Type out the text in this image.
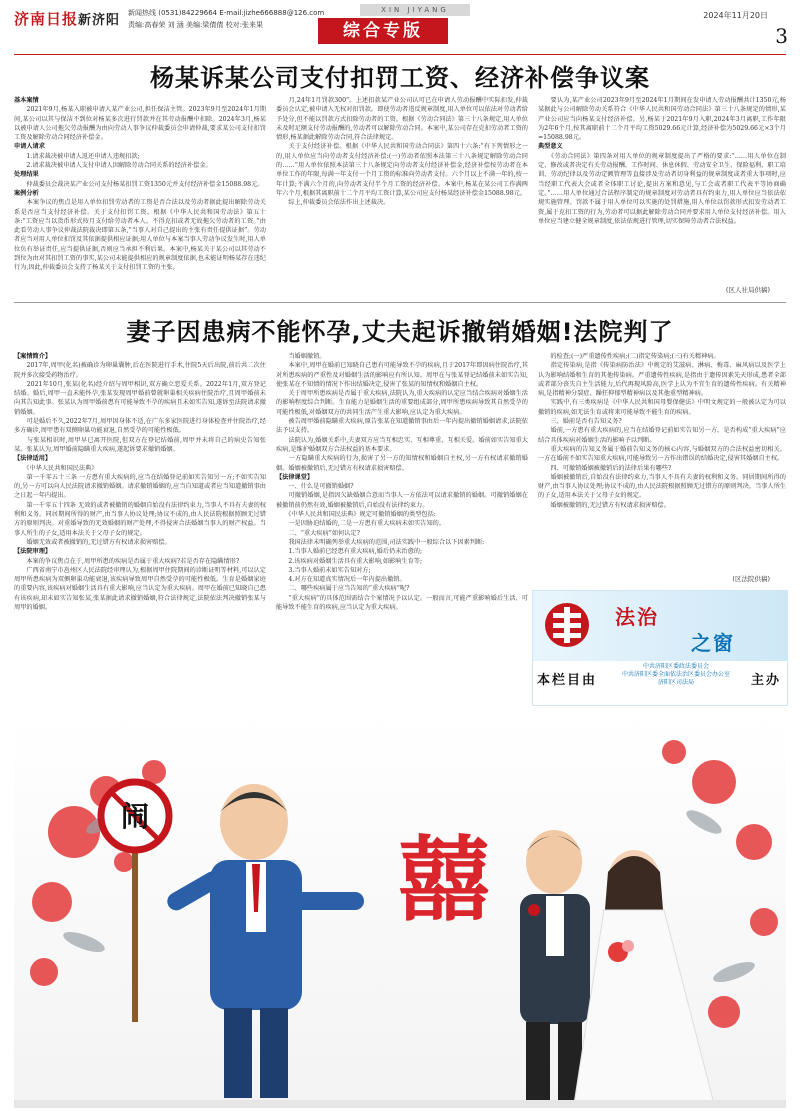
济南日报新济阳 新闻热线 (0531)84229664 E-mail:jizhe666888@126.com
责编:高春荣 刘 涵 美编:梁倩倩 校对:张来果
XIN JIYANG
综合专版
2024年11月20日
3
杨某诉某公司支付扣罚工资、经济补偿争议案
基本案情

　　2021年9月,杨某入职被申请人某产业公司,担任保洁主管。2023年9月至2024年1月期间,某公司以其与保洁不到位对杨某多次进行罚款并在其劳动报酬中扣除。2024年3月,杨某以被申请人公司拖欠劳动报酬为由向劳动人事争议仲裁委员会申请仲裁,要求某公司支付扣罚工资及解除劳动合同经济补偿金。

申请人请求

　　1.请求裁决被申请人返还申请人违规扣款;

　　2.请求裁决被申请人支付申请人因解除劳动合同关系的经济补偿金。

处理结果

　　仲裁委员会裁决某产业公司支付杨某扣罚工资1350元并支付经济补偿金15088.98元。

案例分析

　　本案争议的焦点是用人单位扣罚劳动者的工资是否合法以及劳动者据此提出解除劳动关系是否应当支付经济补偿。关于支付扣罚工资。根据《中华人民共和国劳动法》第五十条:“工资应当以货币形式按月支付给劳动者本人。不得克扣或者无故拖欠劳动者的工资。”由此看劳动人事争议仲裁法院裁决即第五条,“当事人对自己提出的主张有责任提供证据”。劳动者应当对用人单位扣罚及其依据提供相应证据;用人单位与本案当事人劳动争议发生时,用人单位负有举证责任,应当提供证据,否则应当承担不利后果。本案中,杨某关于某公司以其劳动不到位为由对其扣罚工资的事实,某公司未能提供相应的规章制度依据,也未能证明杨某存在违纪行为,因此,仲裁委员会支持了杨某关于支付扣罚工资的主张。

　　月,24年1月罚款300”。上述扣款某产业公司认可已在申请人劳动报酬中实际扣发,仲裁委员会认定,被申请人无权对扣罚款。即使劳动者违反规章制度,用人单位可以依法对劳动者给予处分,但不能以罚款方式扣除劳动者的工资。根据《劳动合同法》第三十八条规定,用人单位未及时足额支付劳动报酬的,劳动者可以解除劳动合同。本案中,某公司存在克扣劳动者工资的情形,杨某据此解除劳动合同,符合法律规定。

　　关于支付经济补偿。根据《中华人民共和国劳动合同法》第四十六条:“有下列情形之一的,用人单位应当向劳动者支付经济补偿:(一)劳动者依照本法第三十八条规定解除劳动合同的……”用人单位依照本法第三十八条规定向劳动者支付经济补偿金,经济补偿按劳动者在本单位工作的年限,每满一年支付一个月工资的标准向劳动者支付。六个月以上不满一年的,按一年计算;不满六个月的,向劳动者支付半个月工资的经济补偿。本案中,杨某在某公司工作满两年六个月,根据其离职前十二个月平均工资计算,某公司应支付杨某经济补偿金15088.98元。

　　综上,仲裁委员会依法作出上述裁决。

　　要认为,某产业公司2023年9月至2024年1月期间在发申请人劳动报酬共计1350元,杨某据此与公司解除劳动关系符合《中华人民共和国劳动合同法》第三十八条规定的情形,某产业公司应当向杨某支付经济补偿。另,杨某于2021年9月入职,2024年3月离职,工作年限为2年6个月,按其离职前十二个月平均工资5029.66元计算,经济补偿为5029.66元×3个月=15088.98元。

典型意义

　　《劳动合同法》第四条对用人单位的规章制度提出了严格的要求:“……用人单位在制定、修改或者决定有关劳动报酬、工作时间、休息休假、劳动安全卫生、保险福利、职工培训、劳动纪律以及劳动定额管理等直接涉及劳动者切身利益的规章制度或者重大事项时,应当经职工代表大会或者全体职工讨论,提出方案和意见,与工会或者职工代表平等协商确定。”……用人单位通过合法程序制定的规章制度对劳动者具有约束力,用人单位应当依法依规实施管理。罚款不属于用人单位可以实施的处罚措施,用人单位以罚款形式扣发劳动者工资,属于克扣工资的行为,劳动者可以据此解除劳动合同并要求用人单位支付经济补偿。用人单位应当建立健全规章制度,依法依规进行管理,切实保障劳动者合法权益。

(区人社局供稿)
妻子因患病不能怀孕,丈夫起诉撤销婚姻!法院判了
【案情简介】

　　2017年,周甲(化名)被确诊为卵巢囊肿,后在医院进行手术,住院5天后出院,前后共二次住院并多次接受药物治疗。

　　2021年10月,张某(化名)经介绍与周甲相识,双方确立恋爱关系。2022年1月,双方登记结婚。婚后,周甲一直未能怀孕,张某发现周甲婚前曾就卵巢相关疾病住院治疗,且周甲婚前未向其告知此事。张某认为周甲婚前患有可能导致不孕的疾病且未如实告知,遂诉至法院请求撤销婚姻。

　　可是婚后不久,2022年7月,周甲因身体不适,在广东多家医院进行身体检查并住院治疗,经多方确诊,周甲患有双侧卵巢功能衰退,自然受孕的可能性极低。

　　与张某相识时,周甲早已离开医院,但双方在登记结婚前,周甲并未将自己的病史告知张某。张某认为,周甲婚前隐瞒重大疾病,遂起诉要求撤销婚姻。

【法律适用】

　　《中华人民共和国民法典》

　　第一千零五十三条 一方患有重大疾病的,应当在结婚登记前如实告知另一方;不如实告知的,另一方可以向人民法院请求撤销婚姻。请求撤销婚姻的,应当自知道或者应当知道撤销事由之日起一年内提出。

　　第一千零五十四条 无效的或者被撤销的婚姻自始没有法律约束力,当事人不具有夫妻的权利和义务。同居期间所得的财产,由当事人协议处理;协议不成的,由人民法院根据照顾无过错方的原则判决。对重婚导致的无效婚姻的财产处理,不得侵害合法婚姻当事人的财产权益。当事人所生的子女,适用本法关于父母子女的规定。

　　婚姻无效或者被撤销的,无过错方有权请求损害赔偿。

【法院审理】

　　本案的争议焦点在于,周甲所患的疾病是否属于重大疾病?若是否存在隐瞒情形?

　　广西省南宁市邕州区人民法院经审理认为,根据周甲住院期间的诊断证明等材料,可以认定周甲所患疾病为双侧卵巢功能衰退,该疾病导致周甲自然受孕的可能性极低。生育是婚姻家庭的重要内容,该疾病对婚姻生活具有重大影响,应当认定为重大疾病。周甲在婚前已知晓自己患有该疾病,却未如实告知张某,张某据此请求撤销婚姻,符合法律规定,法院依法判决撤销张某与周甲的婚姻。

　　当婚姻撤销。

　　本案中,周甲在婚前已知晓自己患有可能导致不孕的疾病,且于2017年即因病住院治疗,其对所患疾病的严重性及对婚姻生活的影响应有所认知。周甲在与张某登记结婚前未如实告知,使张某在不知情的情况下作出结婚决定,侵害了张某的知情权和婚姻自主权。

　　关于周甲所患疾病是否属于重大疾病,法院认为,重大疾病的认定应当结合疾病对婚姻生活的影响程度综合判断。生育能力是婚姻生活的重要组成部分,周甲所患疾病导致其自然受孕的可能性极低,对婚姻双方的共同生活产生重大影响,应认定为重大疾病。

　　被告周甲婚前隐瞒重大疾病,原告张某在知道撤销事由后一年内提出撤销婚姻请求,法院依法予以支持。

　　法院认为,婚姻关系中,夫妻双方应当互相忠实、互相尊重、互相关爱。婚前如实告知重大疾病,是维护婚姻双方合法权益的基本要求。

　　一方隐瞒重大疾病的行为,损害了另一方的知情权和婚姻自主权,另一方有权请求撤销婚姻。婚姻被撤销后,无过错方有权请求损害赔偿。

【法律课堂】

　　一、什么是可撤销婚姻?

　　可撤销婚姻,是指因欠缺婚姻合意而当事人一方依法可以请求撤销的婚姻。可撤销婚姻在被撤销前仍然有效,婚姻被撤销后,自始没有法律约束力。

　　《中华人民共和国民法典》规定可撤销婚姻的类型包括:

　　一是因胁迫结婚的,二是一方患有重大疾病未如实告知的。

　　二、“重大疾病”如何认定?

　　我国法律未明确列举重大疾病的范围,司法实践中一般综合以下因素判断:

　　1.当事人婚前已经患有重大疾病,婚后仍未治愈的;

　　2.该疾病对婚姻生活具有重大影响,如影响生育等;

　　3.当事人婚前未如实告知对方;

　　4.对方在知道真实情况后一年内提出撤销。

　　二、哪些疾病属于应当告知的“重大疾病”呢?

　　“重大疾病”的具体范围需结合个案情况予以认定。一般而言,可能严重影响婚后生活、可能导致不能生育的疾病,应当认定为重大疾病。

　　的检查;(一)严重遗传性疾病;(二)指定传染病;(三)有关精神病。

　　指定传染病,是指《传染病防治法》中规定的艾滋病、淋病、梅毒、麻风病以及医学上认为影响结婚和生育的其他传染病。严重遗传性疾病,是指由于遗传因素先天形成,患者全部或者部分丧失自主生活能力,后代再现风险高,医学上认为不宜生育的遗传性疾病。有关精神病,是指精神分裂症、躁狂抑郁型精神病以及其他重型精神病。

　　实践中,有三类疾病是《中华人民共和国母婴保健法》中明文规定的一般被认定为可以撤销的疾病,如无法生育或将来可能导致不能生育的疾病。

　　三、婚前是否有告知义务?

　　婚前,一方患有重大疾病的,应当在结婚登记前如实告知另一方。是否构成“重大疾病”应结合具体疾病对婚姻生活的影响予以判断。

　　重大疾病的告知义务属于婚前告知义务的核心内容,与婚姻双方的合法权益密切相关。一方在婚前不如实告知重大疾病,可能导致另一方作出错误的结婚决定,侵害其婚姻自主权。

　　四、可撤销婚姻被撤销后的法律后果有哪些?

　　婚姻被撤销后,自始没有法律约束力,当事人不具有夫妻的权利和义务。同居期间所得的财产,由当事人协议处理;协议不成的,由人民法院根据照顾无过错方的原则判决。当事人所生的子女,适用本法关于父母子女的规定。

　　婚姻被撤销的,无过错方有权请求损害赔偿。

(区法院供稿)
法治
之窗
本栏目由
中共济阳区委政法委员会
中共济阳区委全面依法治区委员会办公室
济阳区司法局	主办
闹
囍
